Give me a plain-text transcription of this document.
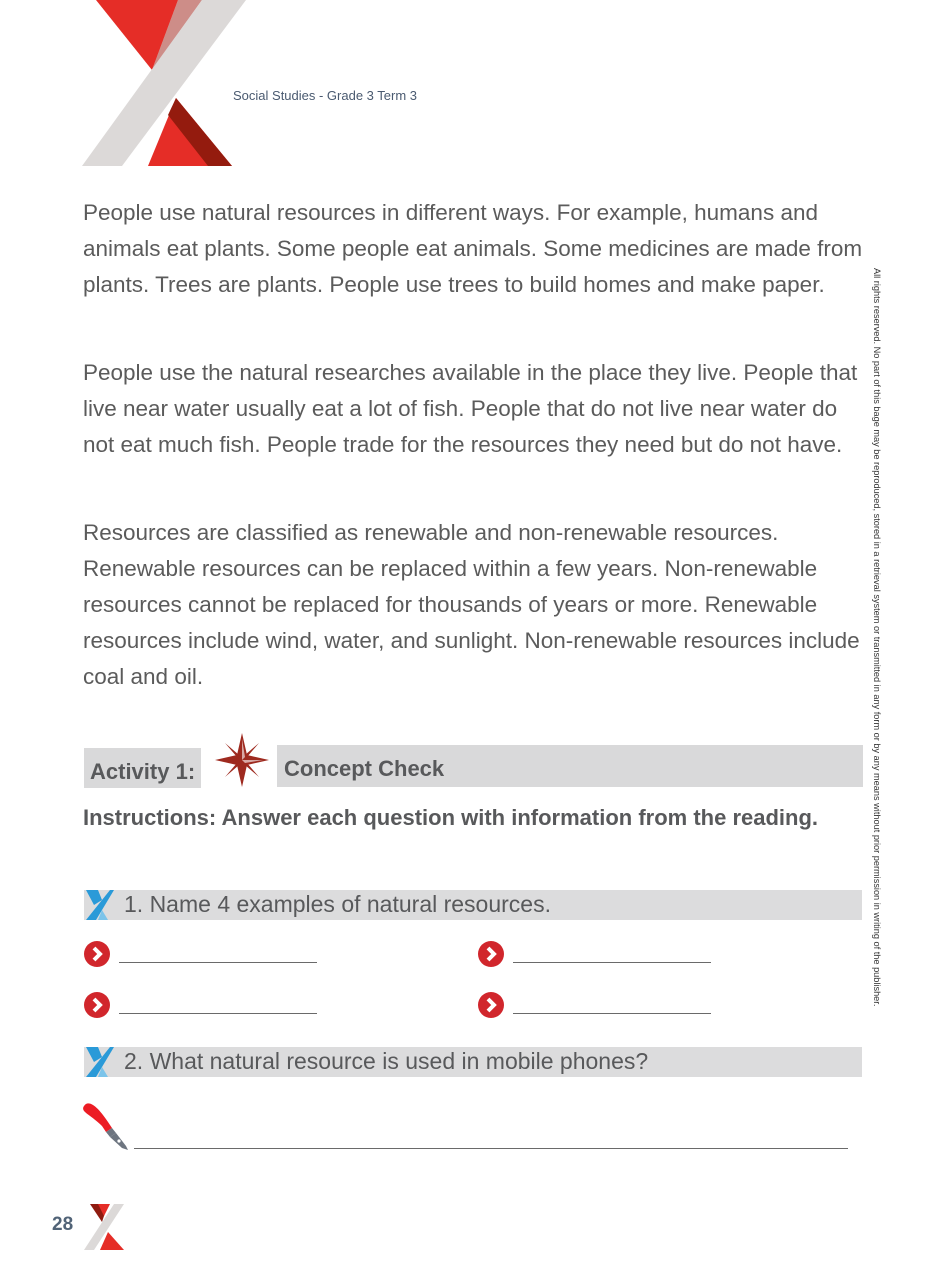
Social Studies - Grade 3 Term 3

People use natural resources in different ways. For example, humans and animals eat plants. Some people eat animals. Some medicines are made from plants. Trees are plants. People use trees to build homes and make paper.

People use the natural researches available in the place they live. People that live near water usually eat a lot of fish. People that do not live near water do not eat much fish. People trade for the resources they need but do not have.

Resources are classified as renewable and non-renewable resources. Renewable resources can be replaced within a few years. Non-renewable resources cannot be replaced for thousands of years or more. Renewable resources include wind, water, and sunlight. Non-renewable resources include coal and oil.	All rights reserved. No part of this bage may be reproduced, stored in a retrieval system or transmitted in any form or by any means without prior permission in writing of the publisher.
Activity 1:	Concept Check
Instructions: Answer each question with information from the reading.
1. Name 4 examples of natural resources.
2. What natural resource is used in mobile phones?
28
